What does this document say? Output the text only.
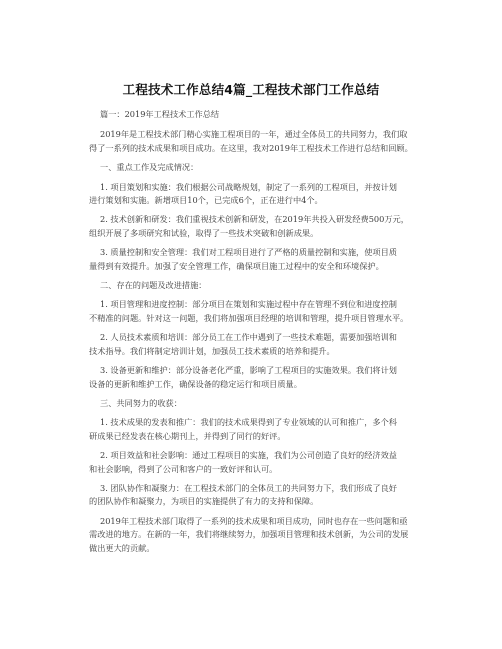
工程技术工作总结4篇_工程技术部门工作总结
篇一：2019年工程技术工作总结
2019年是工程技术部门精心实施工程项目的一年，通过全体员工的共同努力，我们取
得了一系列的技术成果和项目成功。在这里，我对2019年工程技术工作进行总结和回顾。
一、重点工作及完成情况：
1. 项目策划和实施：我们根据公司战略规划，制定了一系列的工程项目，并按计划
进行策划和实施。新增项目10个，已完成6个，正在进行中4个。
2. 技术创新和研发：我们重视技术创新和研发，在2019年共投入研发经费500万元，
组织开展了多项研究和试验，取得了一些技术突破和创新成果。
3. 质量控制和安全管理：我们对工程项目进行了严格的质量控制和实施，使项目质
量得到有效提升。加强了安全管理工作，确保项目施工过程中的安全和环境保护。
二、存在的问题及改进措施：
1. 项目管理和进度控制：部分项目在策划和实施过程中存在管理不到位和进度控制
不精准的问题。针对这一问题，我们将加强项目经理的培训和管理，提升项目管理水平。
2. 人员技术素质和培训：部分员工在工作中遇到了一些技术难题，需要加强培训和
技术指导。我们将制定培训计划，加强员工技术素质的培养和提升。
3. 设备更新和维护：部分设备老化严重，影响了工程项目的实施效果。我们将计划
设备的更新和维护工作，确保设备的稳定运行和项目质量。
三、共同努力的收获：
1. 技术成果的发表和推广：我们的技术成果得到了专业领域的认可和推广，多个科
研成果已经发表在核心期刊上，并得到了同行的好评。
2. 项目效益和社会影响：通过工程项目的实施，我们为公司创造了良好的经济效益
和社会影响，得到了公司和客户的一致好评和认可。
3. 团队协作和凝聚力：在工程技术部门的全体员工的共同努力下，我们形成了良好
的团队协作和凝聚力，为项目的实施提供了有力的支持和保障。
2019年工程技术部门取得了一系列的技术成果和项目成功，同时也存在一些问题和亟
需改进的地方。在新的一年，我们将继续努力，加强项目管理和技术创新，为公司的发展
做出更大的贡献。
